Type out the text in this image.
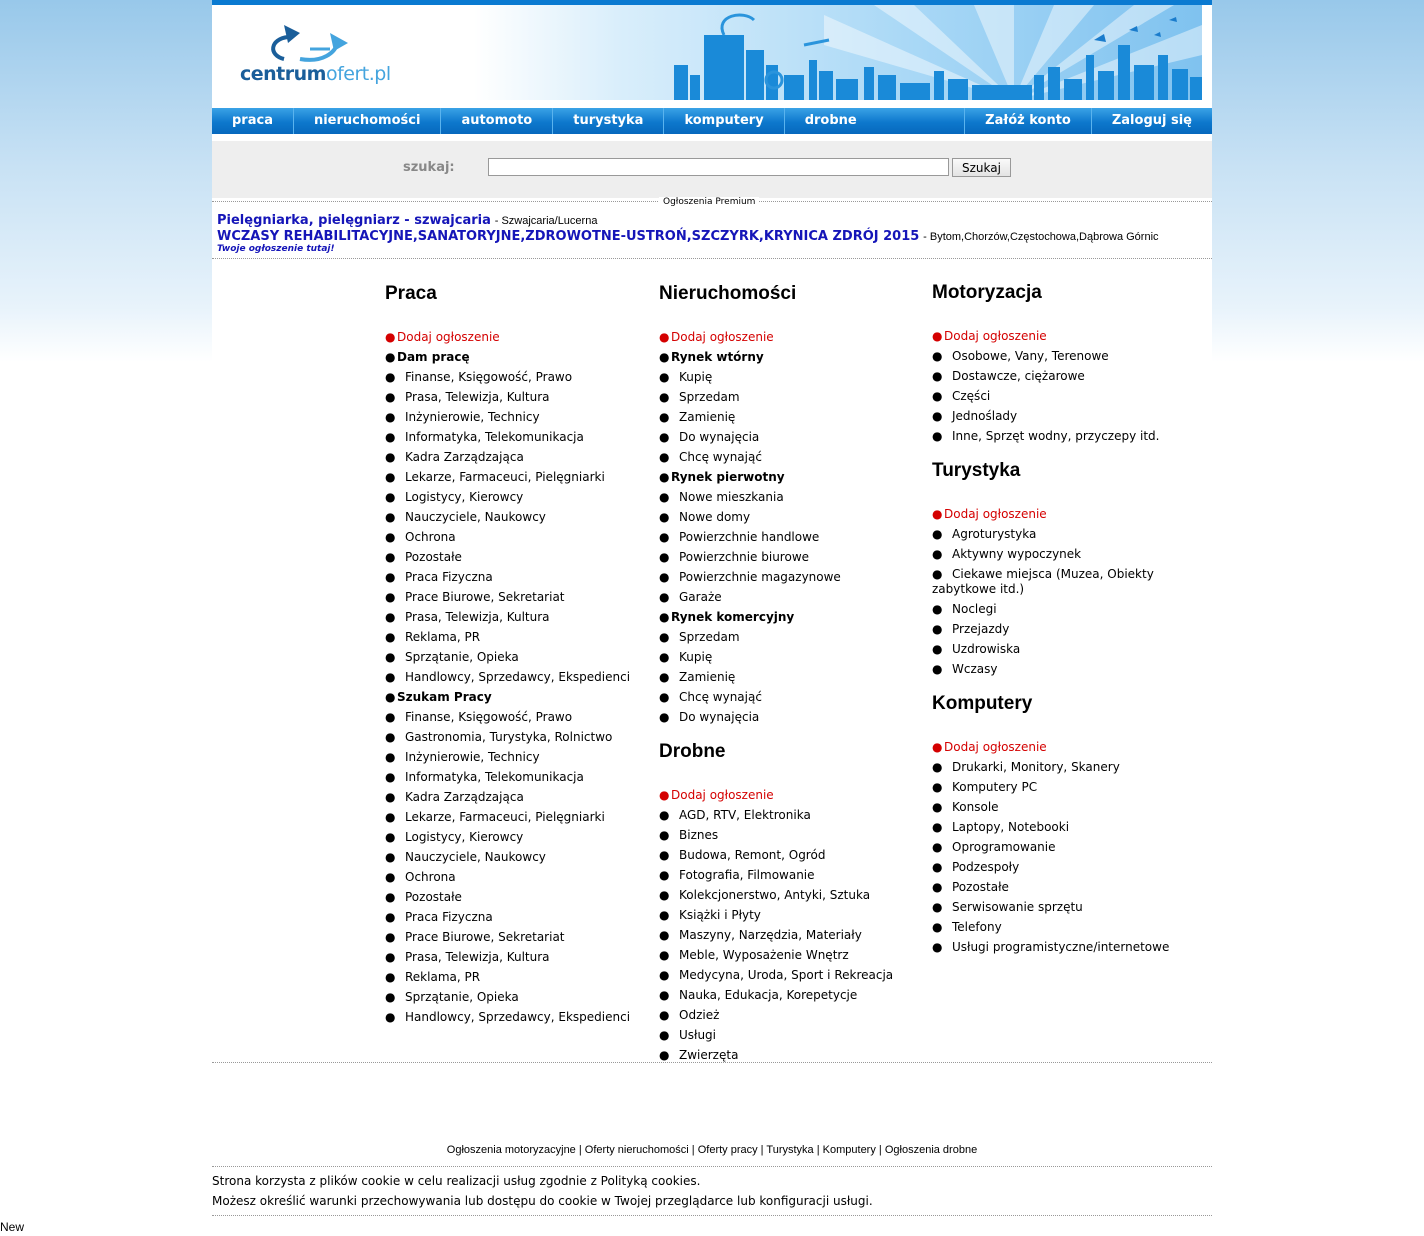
centrumofert.pl
praca	nieruchomości	automoto	turystyka	komputery	drobne	Załóż konto	Zaloguj się
szukaj:	Szukaj
Ogłoszenia Premium
Pielęgniarka, pielęgniarz - szwajcaria - Szwajcaria/Lucerna
WCZASY REHABILITACYJNE,SANATORYJNE,ZDROWOTNE-USTROŃ,SZCZYRK,KRYNICA ZDRÓJ 2015 - Bytom,Chorzów,Częstochowa,Dąbrowa Górnic
Twoje ogłoszenie tutaj!
Praca
● Dodaj ogłoszenie
● Dam pracę
● Finanse, Księgowość, Prawo
● Prasa, Telewizja, Kultura
● Inżynierowie, Technicy
● Informatyka, Telekomunikacja
● Kadra Zarządzająca
● Lekarze, Farmaceuci, Pielęgniarki
● Logistycy, Kierowcy
● Nauczyciele, Naukowcy
● Ochrona
● Pozostałe
● Praca Fizyczna
● Prace Biurowe, Sekretariat
● Prasa, Telewizja, Kultura
● Reklama, PR
● Sprzątanie, Opieka
● Handlowcy, Sprzedawcy, Ekspedienci
● Szukam Pracy
● Finanse, Księgowość, Prawo
● Gastronomia, Turystyka, Rolnictwo
● Inżynierowie, Technicy
● Informatyka, Telekomunikacja
● Kadra Zarządzająca
● Lekarze, Farmaceuci, Pielęgniarki
● Logistycy, Kierowcy
● Nauczyciele, Naukowcy
● Ochrona
● Pozostałe
● Praca Fizyczna
● Prace Biurowe, Sekretariat
● Prasa, Telewizja, Kultura
● Reklama, PR
● Sprzątanie, Opieka
● Handlowcy, Sprzedawcy, Ekspedienci
Nieruchomości
● Dodaj ogłoszenie
● Rynek wtórny
● Kupię
● Sprzedam
● Zamienię
● Do wynajęcia
● Chcę wynająć
● Rynek pierwotny
● Nowe mieszkania
● Nowe domy
● Powierzchnie handlowe
● Powierzchnie biurowe
● Powierzchnie magazynowe
● Garaże
● Rynek komercyjny
● Sprzedam
● Kupię
● Zamienię
● Chcę wynająć
● Do wynajęcia
Drobne
● Dodaj ogłoszenie
● AGD, RTV, Elektronika
● Biznes
● Budowa, Remont, Ogród
● Fotografia, Filmowanie
● Kolekcjonerstwo, Antyki, Sztuka
● Książki i Płyty
● Maszyny, Narzędzia, Materiały
● Meble, Wyposażenie Wnętrz
● Medycyna, Uroda, Sport i Rekreacja
● Nauka, Edukacja, Korepetycje
● Odzież
● Usługi
● Zwierzęta
Motoryzacja
● Dodaj ogłoszenie
● Osobowe, Vany, Terenowe
● Dostawcze, ciężarowe
● Części
● Jednoślady
● Inne, Sprzęt wodny, przyczepy itd.
Turystyka
● Dodaj ogłoszenie
● Agroturystyka
● Aktywny wypoczynek
● Ciekawe miejsca (Muzea, Obiekty zabytkowe itd.)
● Noclegi
● Przejazdy
● Uzdrowiska
● Wczasy
Komputery
● Dodaj ogłoszenie
● Drukarki, Monitory, Skanery
● Komputery PC
● Konsole
● Laptopy, Notebooki
● Oprogramowanie
● Podzespoły
● Pozostałe
● Serwisowanie sprzętu
● Telefony
● Usługi programistyczne/internetowe
Ogłoszenia motoryzacyjne | Oferty nieruchomości | Oferty pracy | Turystyka | Komputery | Ogłoszenia drobne
Strona korzysta z plików cookie w celu realizacji usług zgodnie z Polityką cookies.
Możesz określić warunki przechowywania lub dostępu do cookie w Twojej przeglądarce lub konfiguracji usługi.
New
